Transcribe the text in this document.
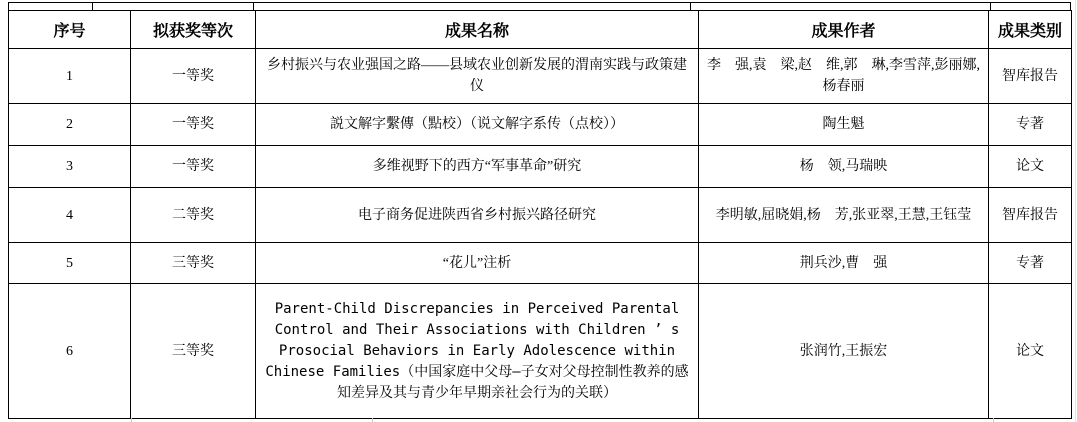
序号	拟获奖等次	成果名称	成果作者	成果类别
1	一等奖	乡村振兴与农业强国之路——县域农业创新发展的渭南实践与政策建仪	李　强,袁　梁,赵　维,郭　琳,李雪萍,彭丽娜,杨春丽	智库报告
2	一等奖	説文解字繫傳（點校）（说文解字系传（点校））	陶生魁	专著
3	一等奖	多维视野下的西方“军事革命”研究	杨　领,马瑞映	论文
4	二等奖	电子商务促进陕西省乡村振兴路径研究	李明敏,屈晓娟,杨　芳,张亚翠,王慧,王钰莹	智库报告
5	三等奖	“花儿”注析	荆兵沙,曹　强	专著
6	三等奖	Parent-Child Discrepancies in Perceived Parental Control and Their Associations with Children ’ s Prosocial Behaviors in Early Adolescence within Chinese Families（中国家庭中父母—子女对父母控制性教养的感知差异及其与青少年早期亲社会行为的关联）	张润竹,王振宏	论文
